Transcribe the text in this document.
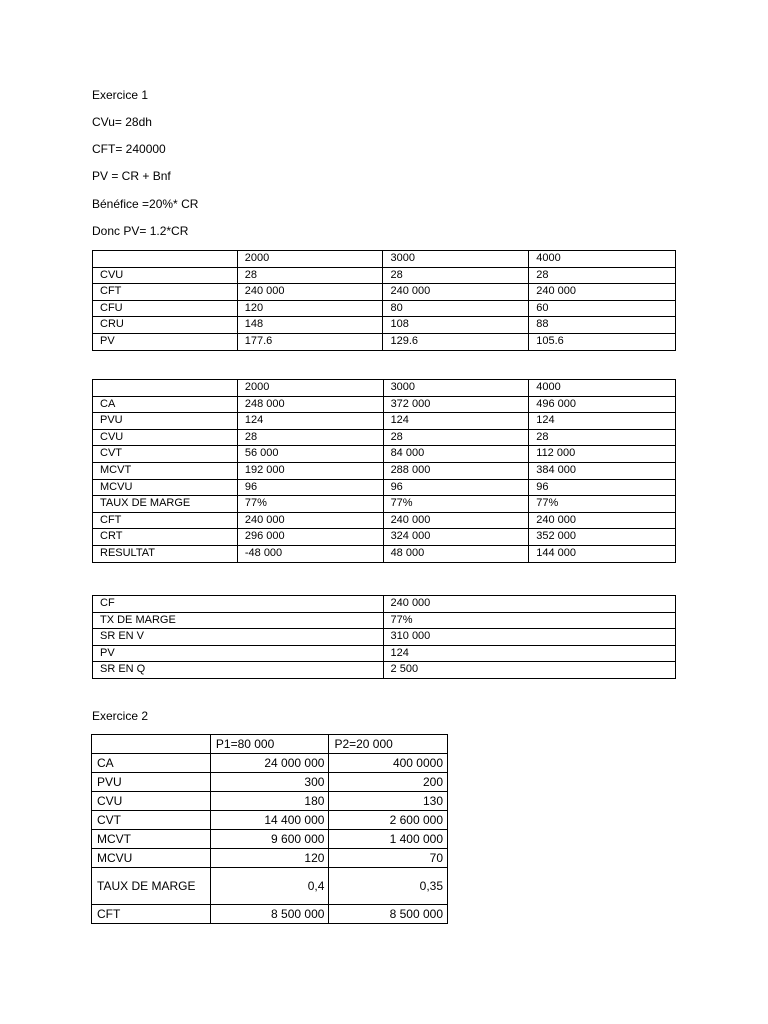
Exercice 1
CVu= 28dh
CFT= 240000
PV = CR + Bnf
Bénéfice =20%* CR
Donc PV= 1.2*CR
	2000	3000	4000
CVU	28	28	28
CFT	240 000	240 000	240 000
CFU	120	80	60
CRU	148	108	88
PV	177.6	129.6	105.6
	2000	3000	4000
CA	248 000	372 000	496 000
PVU	124	124	124
CVU	28	28	28
CVT	56 000	84 000	112 000
MCVT	192 000	288 000	384 000
MCVU	96	96	96
TAUX DE MARGE	77%	77%	77%
CFT	240 000	240 000	240 000
CRT	296 000	324 000	352 000
RESULTAT	-48 000	48 000	144 000
CF	240 000
TX DE MARGE	77%
SR EN V	310 000
PV	124
SR EN Q	2 500
Exercice 2
	P1=80 000	P2=20 000
CA	24 000 000	400 0000
PVU	300	200
CVU	180	130
CVT	14 400 000	2 600 000
MCVT	9 600 000	1 400 000
MCVU	120	70
TAUX DE MARGE	0,4	0,35
CFT	8 500 000	8 500 000
